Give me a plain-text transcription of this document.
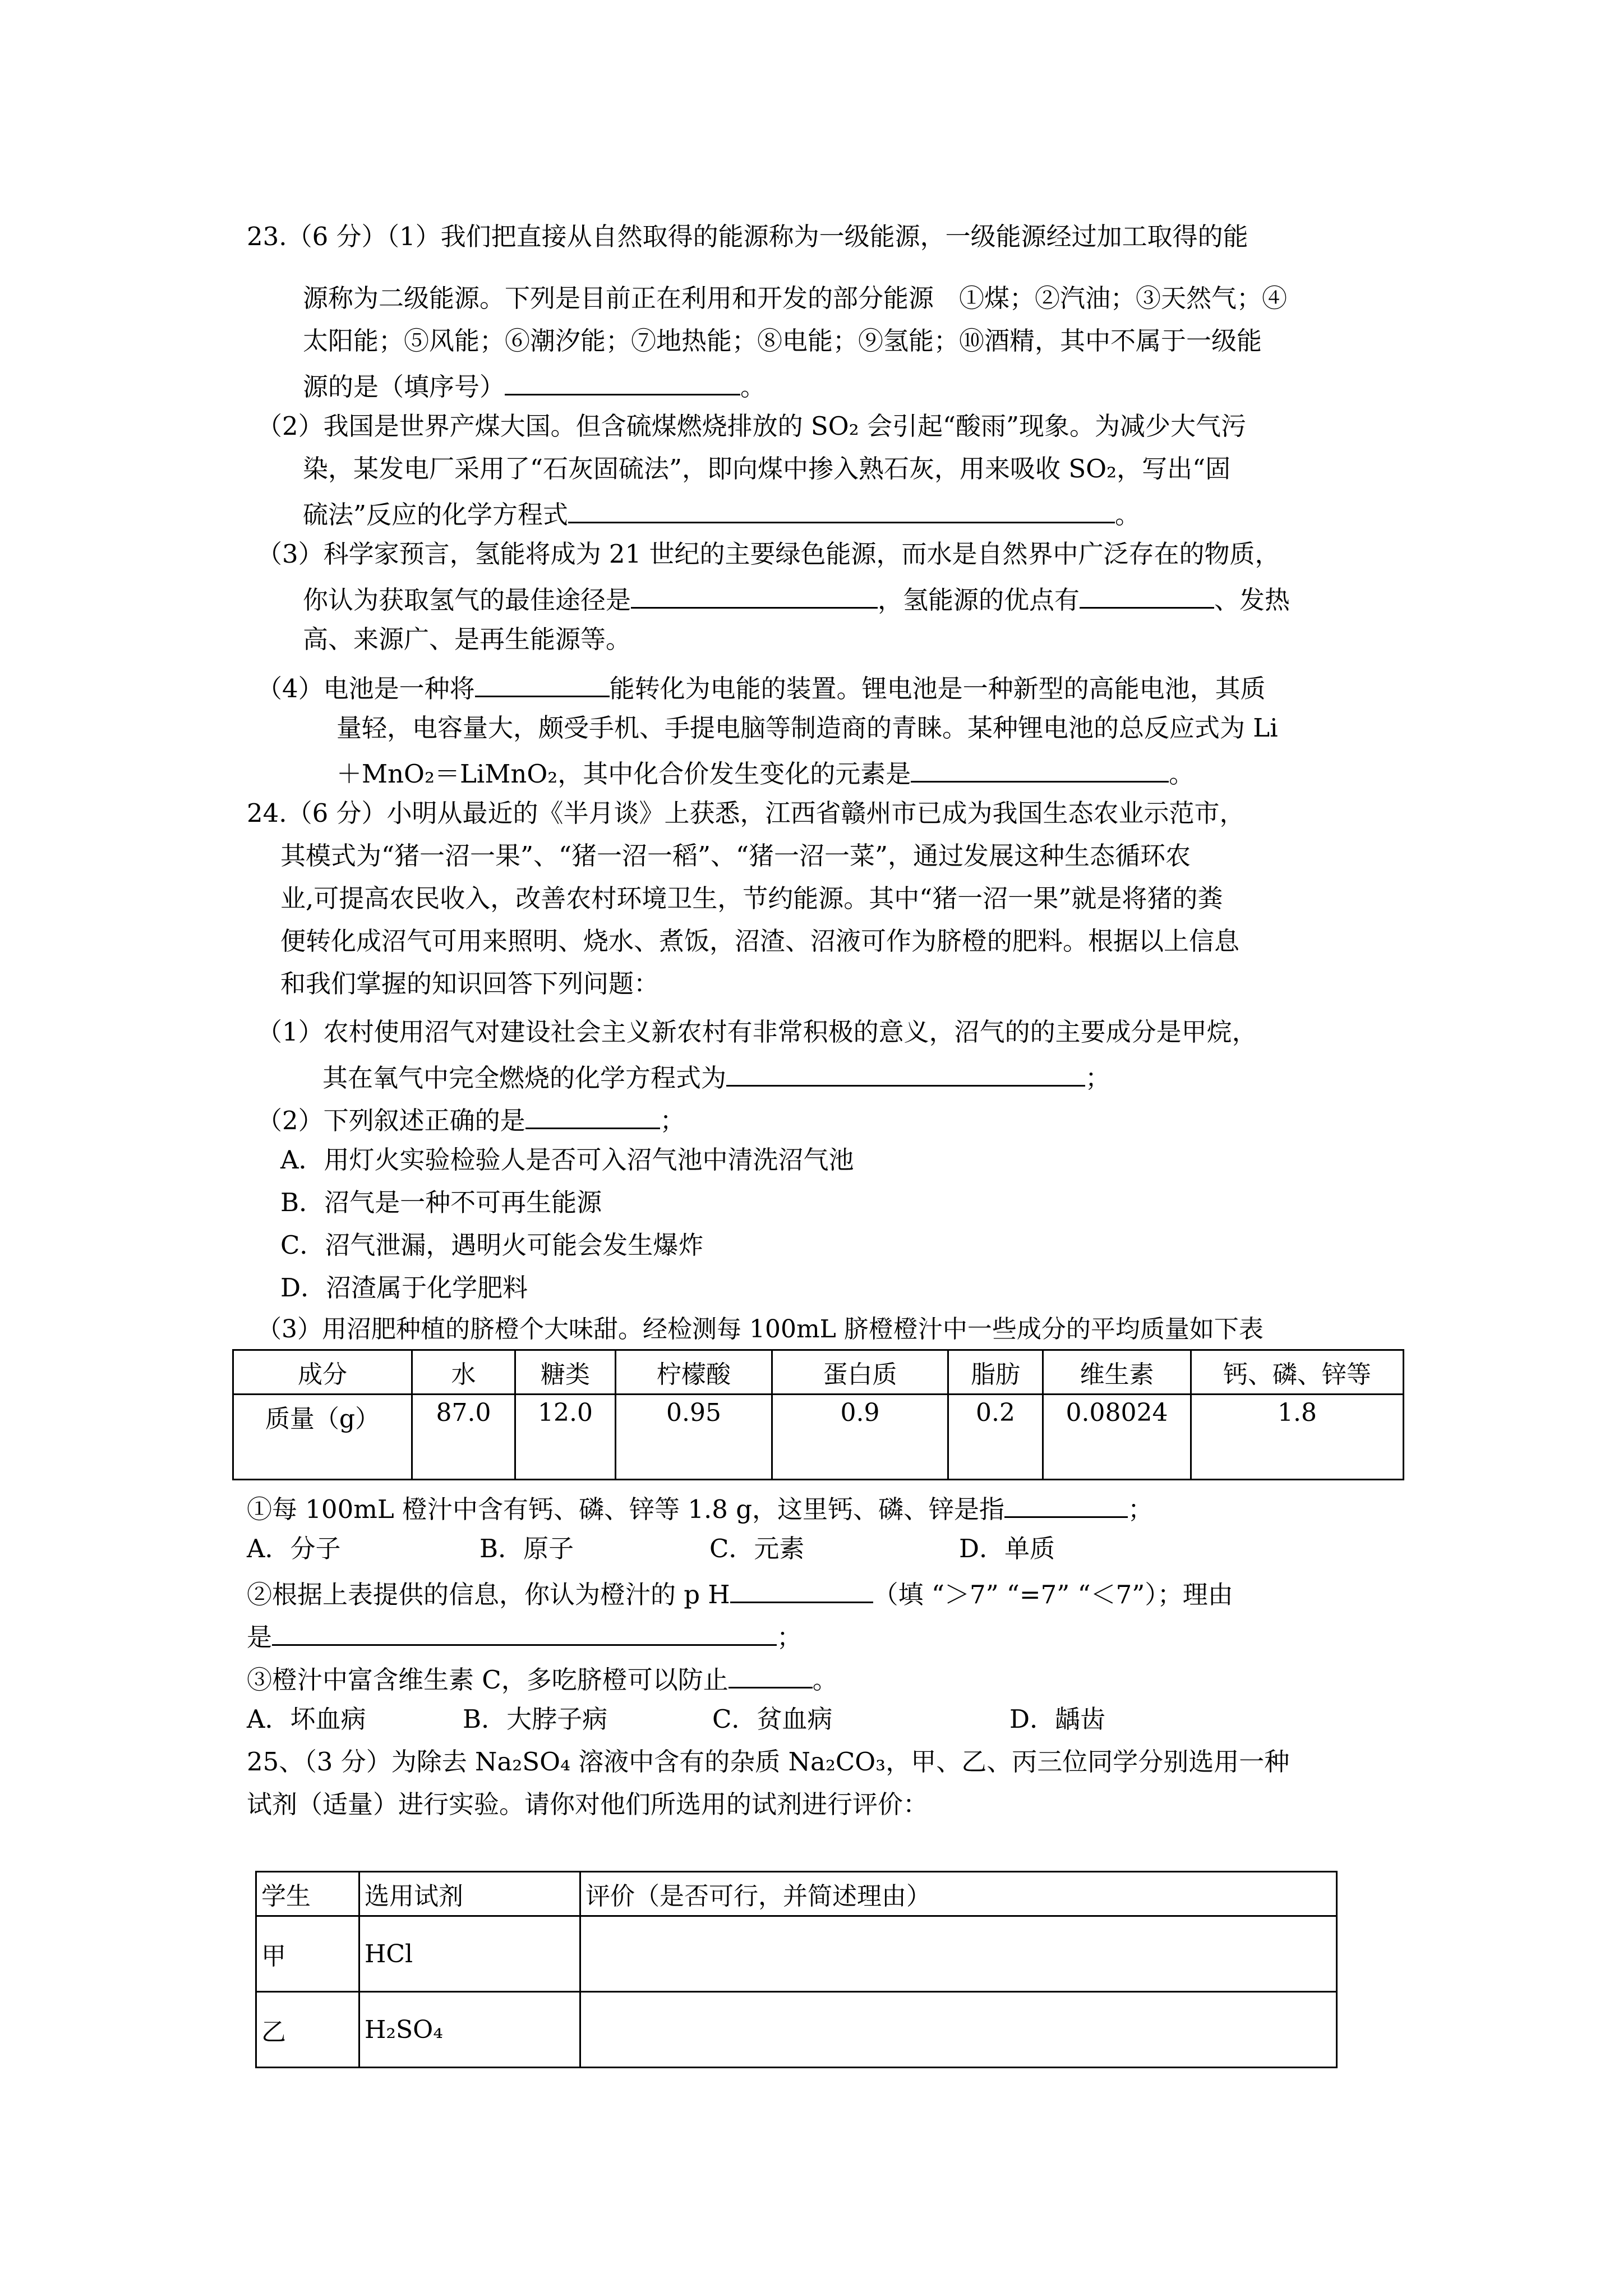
23.（6 分）（1）我们把直接从自然取得的能源称为一级能源，一级能源经过加工取得的能
源称为二级能源。下列是目前正在利用和开发的部分能源　①煤；②汽油；③天然气；④
太阳能；⑤风能；⑥潮汐能；⑦地热能；⑧电能；⑨氢能；⑩酒精，其中不属于一级能
源的是（填序号）	。
（2）我国是世界产煤大国。但含硫煤燃烧排放的 SO₂ 会引起“酸雨”现象。为减少大气污
染，某发电厂采用了“石灰固硫法”，即向煤中掺入熟石灰，用来吸收 SO₂，写出“固
硫法”反应的化学方程式	。
（3）科学家预言，氢能将成为 21 世纪的主要绿色能源，而水是自然界中广泛存在的物质，
你认为获取氢气的最佳途径是	，氢能源的优点有	、发热
高、来源广、是再生能源等。
（4）电池是一种将	能转化为电能的装置。锂电池是一种新型的高能电池，其质
量轻，电容量大，颇受手机、手提电脑等制造商的青睐。某种锂电池的总反应式为 Li
＋MnO₂＝LiMnO₂，其中化合价发生变化的元素是	。
24.（6 分）小明从最近的《半月谈》上获悉，江西省赣州市已成为我国生态农业示范市，
其模式为“猪一沼一果”、“猪一沼一稻”、“猪一沼一菜”，通过发展这种生态循环农
业,可提高农民收入，改善农村环境卫生，节约能源。其中“猪一沼一果”就是将猪的粪
便转化成沼气可用来照明、烧水、煮饭，沼渣、沼液可作为脐橙的肥料。根据以上信息
和我们掌握的知识回答下列问题：
（1）农村使用沼气对建设社会主义新农村有非常积极的意义，沼气的的主要成分是甲烷，
其在氧气中完全燃烧的化学方程式为	；
（2）下列叙述正确的是	；
A．用灯火实验检验人是否可入沼气池中清洗沼气池
B．沼气是一种不可再生能源
C．沼气泄漏，遇明火可能会发生爆炸
D．沼渣属于化学肥料
（3）用沼肥种植的脐橙个大味甜。经检测每 100mL 脐橙橙汁中一些成分的平均质量如下表
成分	水	糖类	柠檬酸	蛋白质	脂肪	维生素	钙、磷、锌等
质量（g）	87.0	12.0	0.95	0.9	0.2	0.08024	1.8
①每 100mL 橙汁中含有钙、磷、锌等 1.8 g，这里钙、磷、锌是指	；
A．分子	B．原子	C．元素	D．单质
②根据上表提供的信息，你认为橙汁的 p H	（填 “＞7” “=7” “＜7”）；理由
是	；
③橙汁中富含维生素 C，多吃脐橙可以防止	。
A．坏血病	B．大脖子病	C．贫血病	D．龋齿
25、（3 分）为除去 Na₂SO₄ 溶液中含有的杂质 Na₂CO₃，甲、乙、丙三位同学分别选用一种
试剂（适量）进行实验。请你对他们所选用的试剂进行评价：
学生	选用试剂	评价（是否可行，并简述理由）
甲	HCl	
乙	H₂SO₄	
